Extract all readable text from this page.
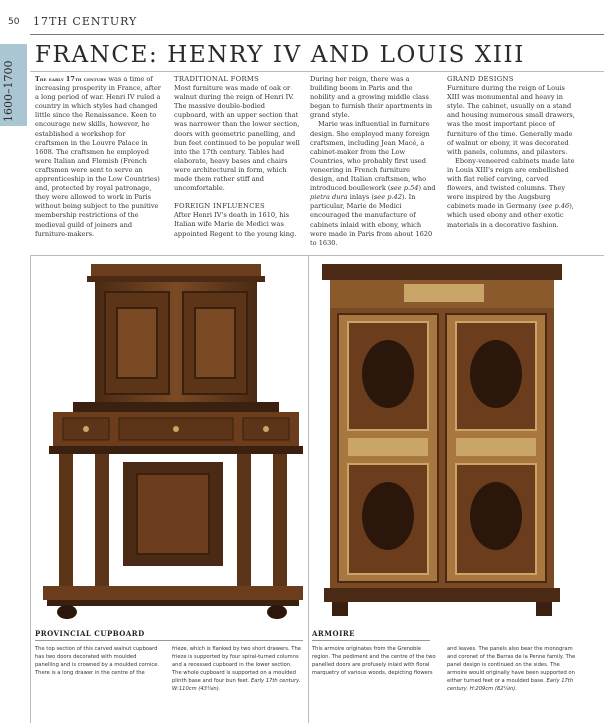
50 17TH CENTURY
1600–1700
FRANCE: HENRY IV AND LOUIS XIII

The early 17th century was a time of increasing prosperity in France, after a long period of war. Henri IV ruled a country in which styles had changed little since the Renaissance. Keen to encourage new skills, however, he established a workshop for craftsmen in the Louvre Palace in 1608. The craftsmen he employed were Italian and Flemish (French craftsmen were sent to serve an apprenticeship in the Low Countries) and, protected by royal patronage, they were allowed to work in Paris without being subject to the punitive membership restrictions of the medieval guild of joiners and furniture-makers.

TRADITIONAL FORMS

Most furniture was made of oak or walnut during the reign of Henri IV. The massive double-bodied cupboard, with an upper section that was narrower than the lower section, doors with geometric panelling, and bun feet continued to be popular well into the 17th century. Tables had elaborate, heavy bases and chairs were architectural in form, which made them rather stiff and uncomfortable.

FOREIGN INFLUENCES

After Henri IV's death in 1610, his Italian wife Marie de Medici was appointed Regent to the young king.

During her reign, there was a building boom in Paris and the nobility and a growing middle class began to furnish their apartments in grand style.

Marie was influential in furniture design. She employed many foreign craftsmen, including Jean Macé, a cabinet-maker from the Low Countries, who probably first used veneering in French furniture design, and Italian craftsmen, who introduced boullework (see p.54) and pietra dura inlays (see p.42). In particular, Marie de Medici encouraged the manufacture of cabinets inlaid with ebony, which were made in Paris from about 1620 to 1630.

GRAND DESIGNS

Furniture during the reign of Louis XIII was monumental and heavy in style. The cabinet, usually on a stand and housing numerous small drawers, was the most important piece of furniture of the time. Generally made of walnut or ebony, it was decorated with panels, columns, and pilasters.

Ebony-veneered cabinets made late in Louis XIII's reign are embellished with flat relief carving, carved flowers, and twisted columns. They were inspired by the Augsburg cabinets made in Germany (see p.46), which used ebony and other exotic materials in a decorative fashion.

PROVINCIAL CUPBOARD

The top section of this carved walnut cupboard has two doors decorated with moulded panelling and is crowned by a moulded cornice. There is a long drawer in the centre of the

frieze, which is flanked by two short drawers. The frieze is supported by four spiral-turned columns and a recessed cupboard in the lower section. The whole cupboard is supported on a moulded plinth base and four bun feet. Early 17th century. W:110cm (43¼in).

ARMOIRE

This armoire originates from the Grenoble region. The pediment and the centre of the two panelled doors are profusely inlaid with floral marquetry of various woods, depicting flowers

and leaves. The panels also bear the monogram and coronet of the Barras de la Penne family. The panel design is continued on the sides. The armoire would originally have been supported on either turned feet or a moulded base. Early 17th century. H:209cm (82¼in).
